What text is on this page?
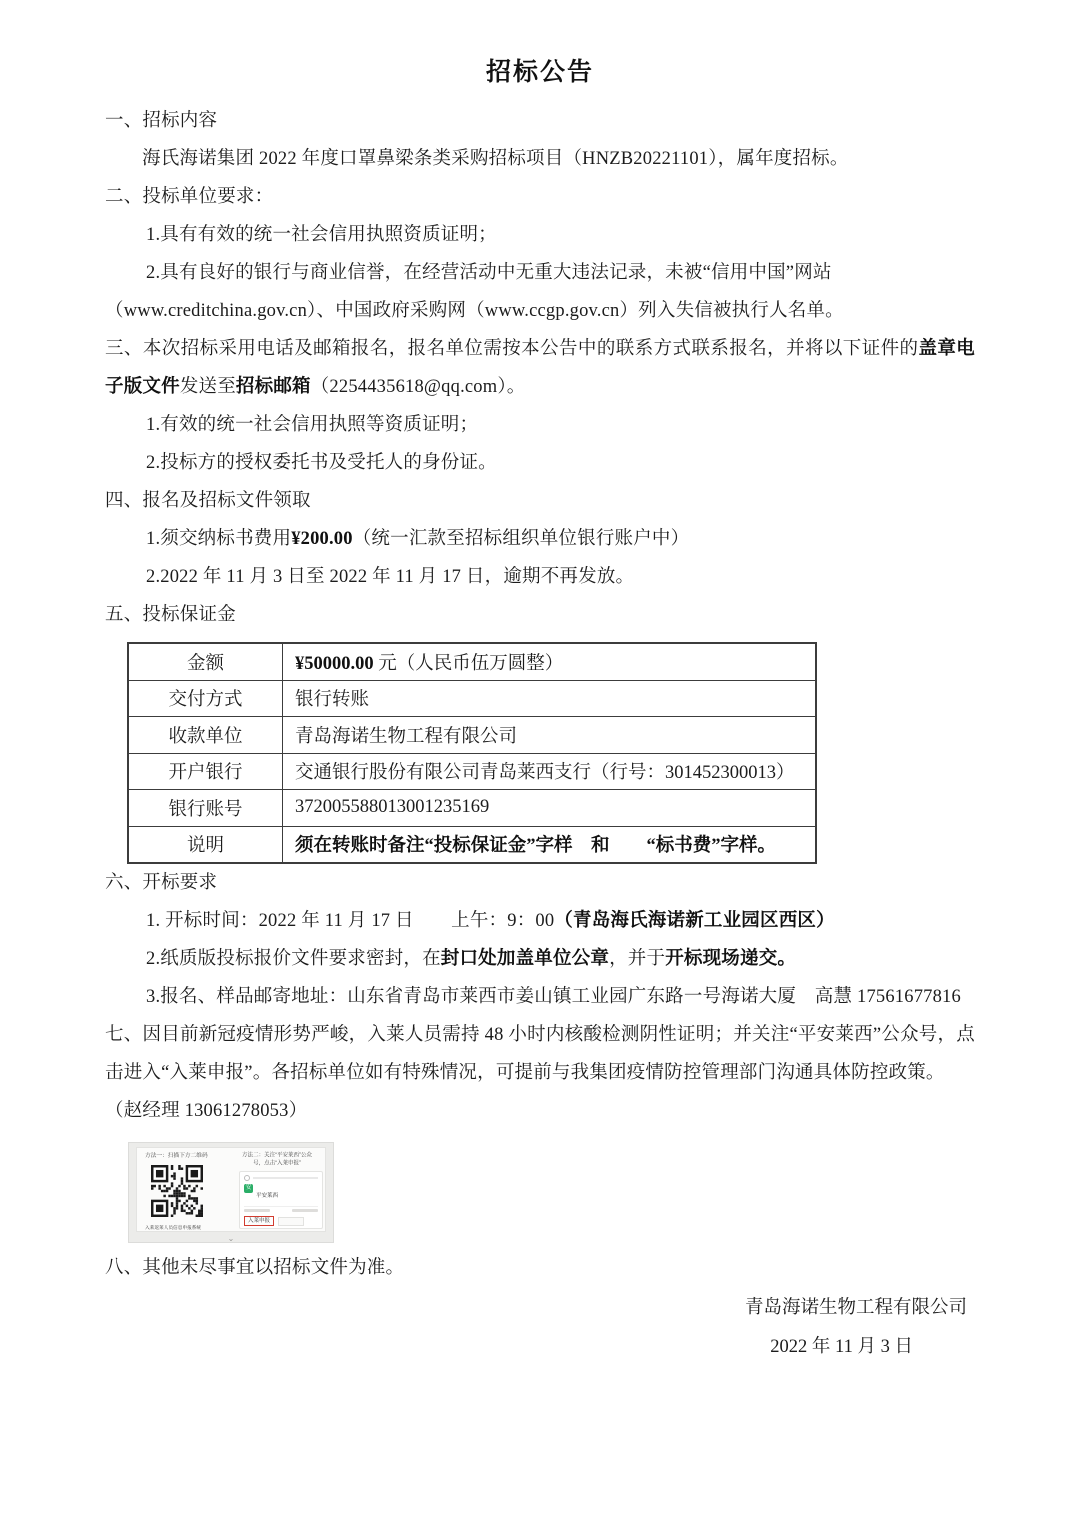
招标公告

一、招标内容

海氏海诺集团 2022 年度口罩鼻梁条类采购招标项目（HNZB20221101），属年度招标。

二、投标单位要求：

1.具有有效的统一社会信用执照资质证明；

2.具有良好的银行与商业信誉，在经营活动中无重大违法记录，未被“信用中国”网站

（www.creditchina.gov.cn）、中国政府采购网（www.ccgp.gov.cn）列入失信被执行人名单。

三、本次招标采用电话及邮箱报名，报名单位需按本公告中的联系方式联系报名，并将以下证件的盖章电子版文件发送至招标邮箱（2254435618@qq.com）。

1.有效的统一社会信用执照等资质证明；

2.投标方的授权委托书及受托人的身份证。

四、报名及招标文件领取

1.须交纳标书费用¥200.00（统一汇款至招标组织单位银行账户中）

2.2022 年 11 月 3 日至 2022 年 11 月 17 日，逾期不再发放。

五、投标保证金

金额	¥50000.00 元（人民币伍万圆整）
交付方式	银行转账
收款单位	青岛海诺生物工程有限公司
开户银行	交通银行股份有限公司青岛莱西支行（行号：301452300013）
银行账号	372005588013001235169
说明	须在转账时备注“投标保证金”字样　和　　“标书费”字样。

六、开标要求

1. 开标时间：2022 年 11 月 17 日　　上午：9：00（青岛海氏海诺新工业园区西区）

2.纸质版投标报价文件要求密封，在封口处加盖单位公章，并于开标现场递交。

3.报名、样品邮寄地址：山东省青岛市莱西市姜山镇工业园广东路一号海诺大厦　高慧 17561677816

七、因目前新冠疫情形势严峻，入莱人员需持 48 小时内核酸检测阴性证明；并关注“平安莱西”公众号，点击进入“入莱申报”。各招标单位如有特殊情况，可提前与我集团疫情防控管理部门沟通具体防控政策。

（赵经理 13061278053）

方法一：扫描下方二维码
入莱返莱人员信息申报系统
方法二：关注“平安莱西”公众
号，点击“入莱申报”
安
平安莱西
入莱申报
⌄

八、其他未尽事宜以招标文件为准。

青岛海诺生物工程有限公司

2022 年 11 月 3 日
